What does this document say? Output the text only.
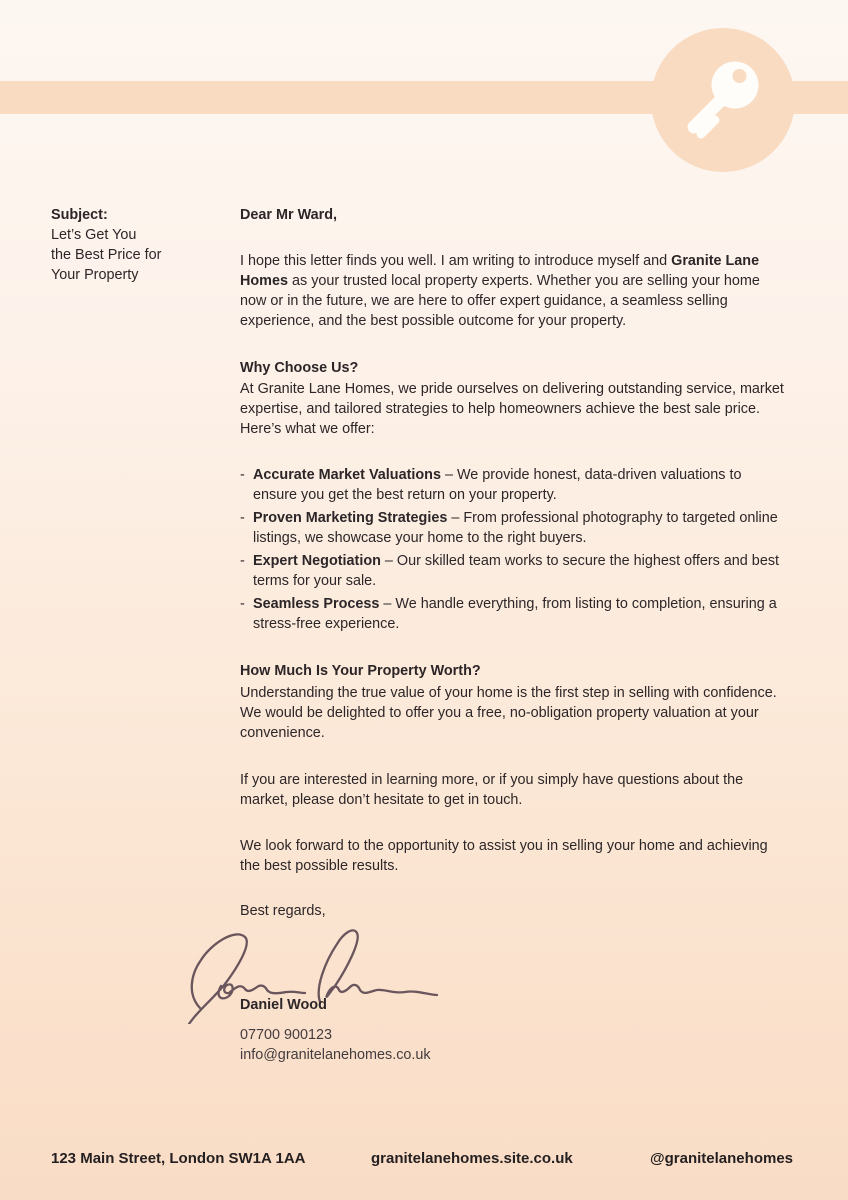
Subject:
Let’s Get You
the Best Price for
Your Property
Dear Mr Ward,

I hope this letter finds you well. I am writing to introduce myself and Granite Lane Homes as your trusted local property experts. Whether you are selling your home now or in the future, we are here to offer expert guidance, a seamless selling experience, and the best possible outcome for your property.

Why Choose Us?

At Granite Lane Homes, we pride ourselves on delivering outstanding service, market expertise, and tailored strategies to help homeowners achieve the best sale price. Here’s what we offer:

- Accurate Market Valuations – We provide honest, data-driven valuations to ensure you get the best return on your property.
- Proven Marketing Strategies – From professional photography to targeted online listings, we showcase your home to the right buyers.
- Expert Negotiation – Our skilled team works to secure the highest offers and best terms for your sale.
- Seamless Process – We handle everything, from listing to completion, ensuring a stress-free experience.
How Much Is Your Property Worth?

Understanding the true value of your home is the first step in selling with confidence. We would be delighted to offer you a free, no-obligation property valuation at your convenience.

If you are interested in learning more, or if you simply have questions about the market, please don’t hesitate to get in touch.

We look forward to the opportunity to assist you in selling your home and achieving the best possible results.

Best regards,
Daniel Wood
07700 900123
info@granitelanehomes.co.uk
123 Main Street, London SW1A 1AA	granitelanehomes.site.co.uk	@granitelanehomes
